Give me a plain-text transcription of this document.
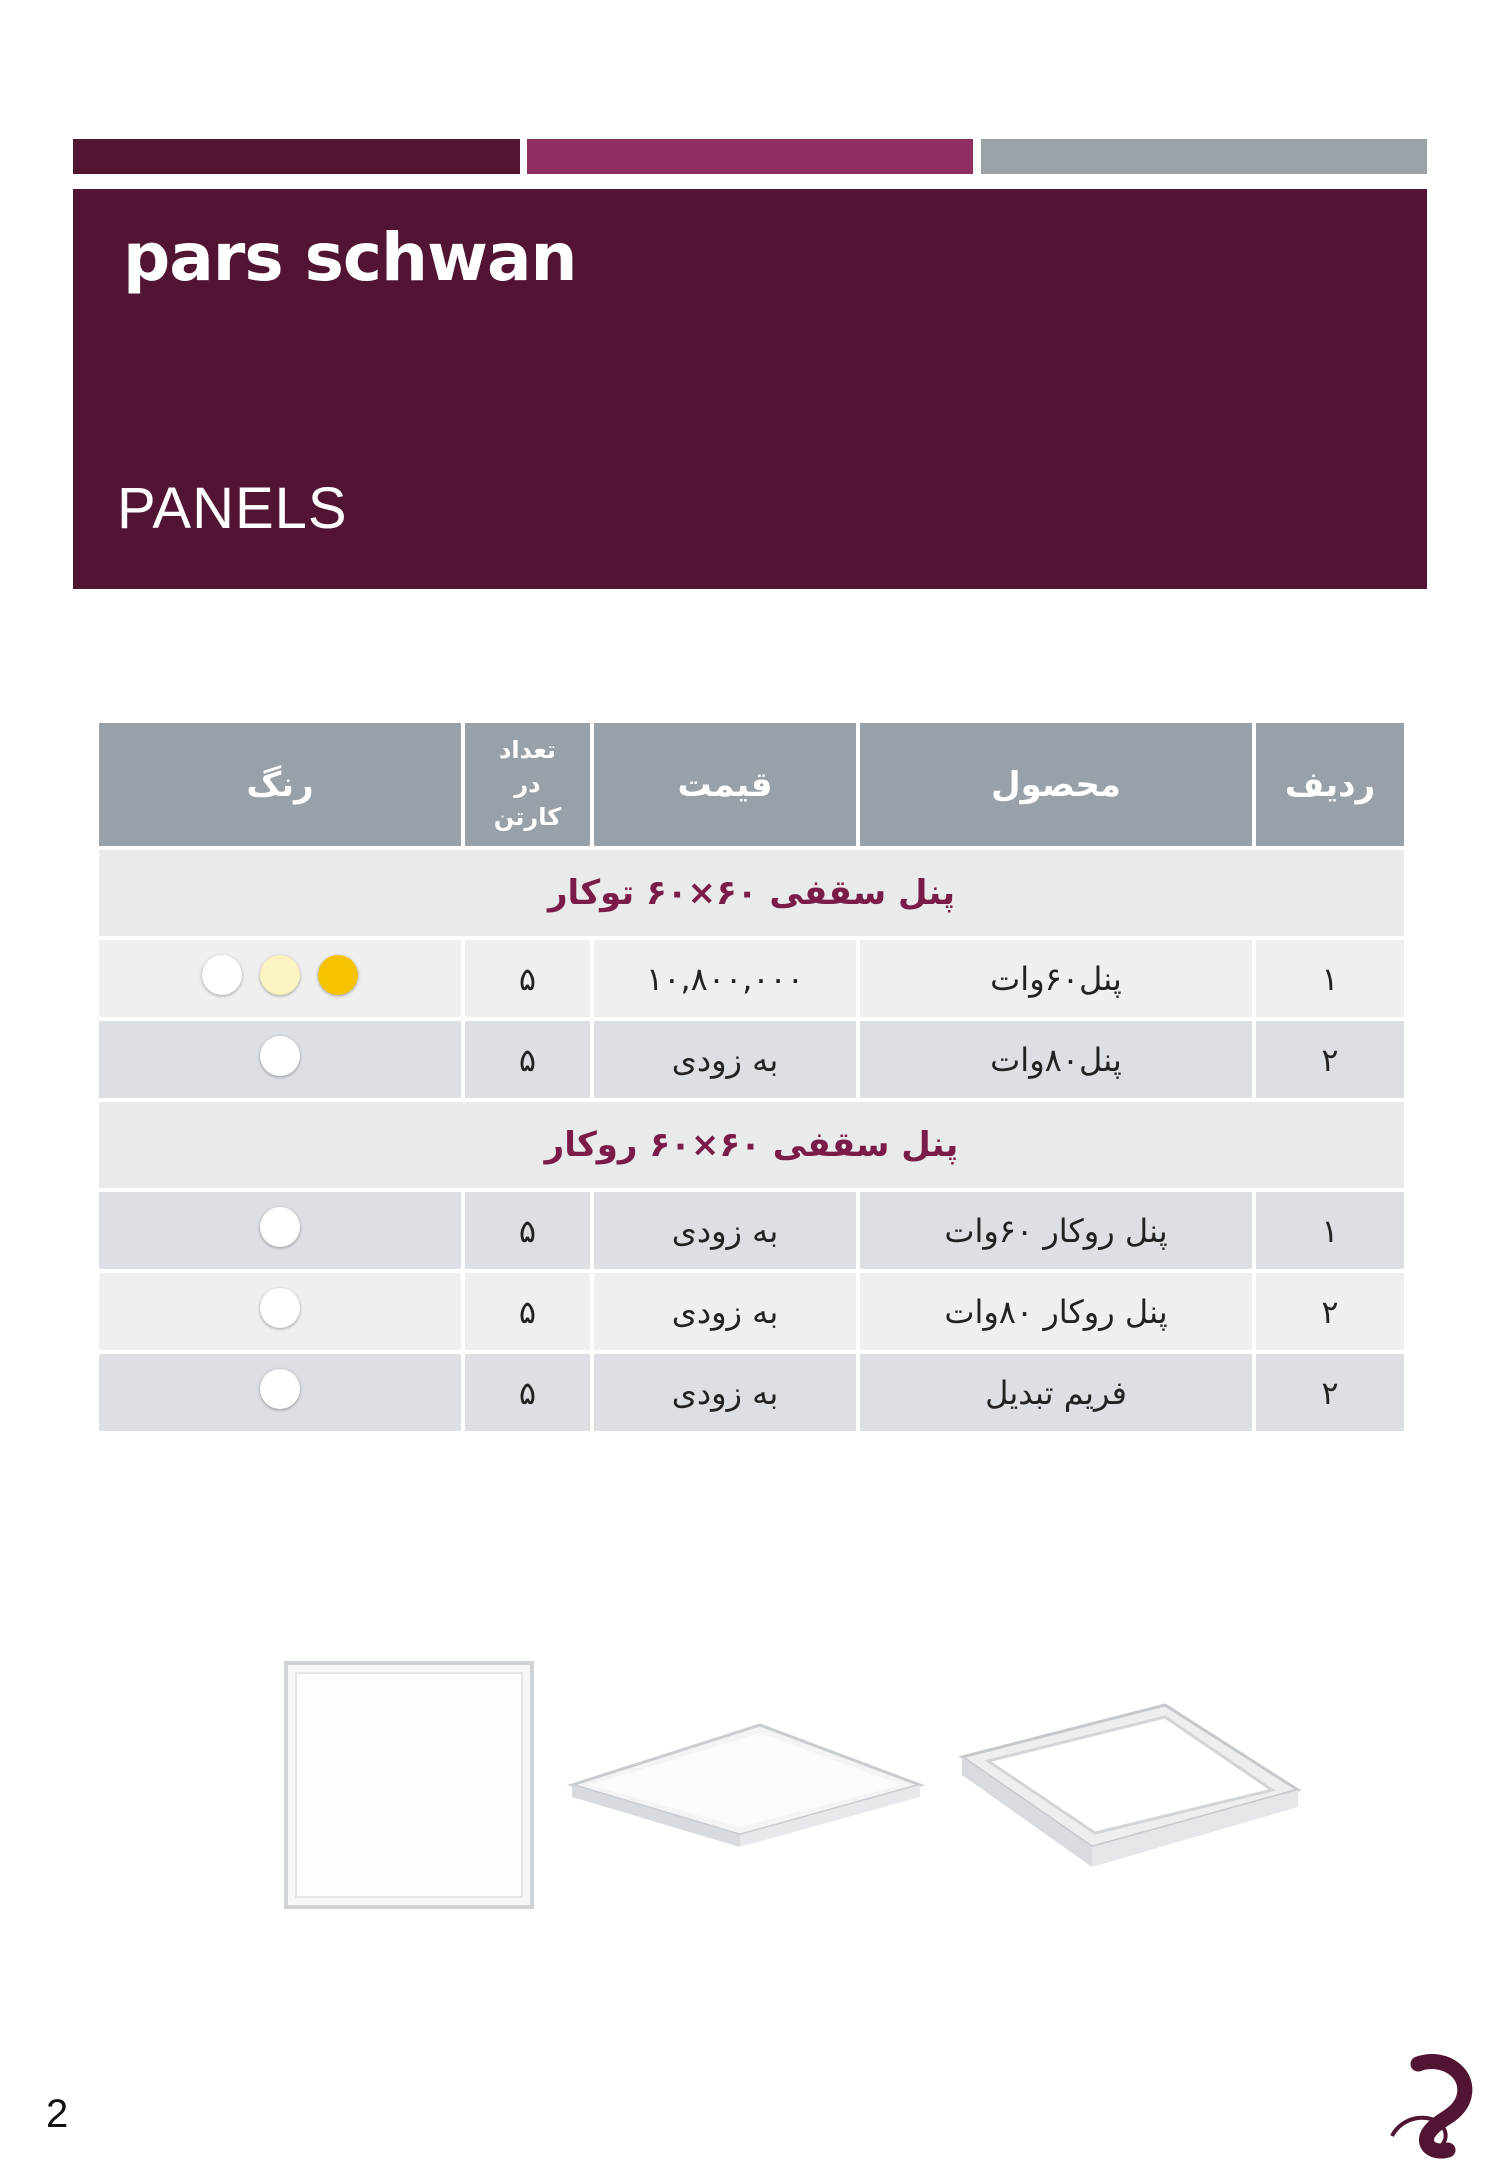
pars schwan
PANELS
ردیف	محصول	قیمت	تعداد
در
کارتن	رنگ
پنل سقفی ۶۰×۶۰ توکار				
۱	پنل۶۰وات	۱۰,۸۰۰,۰۰۰	۵	

۲	پنل۸۰وات	به زودی	۵	

پنل سقفی ۶۰×۶۰ روکار				
۱	پنل روکار ۶۰وات	به زودی	۵	

۲	پنل روکار ۸۰وات	به زودی	۵	

۲	فریم تبدیل	به زودی	۵	
2
